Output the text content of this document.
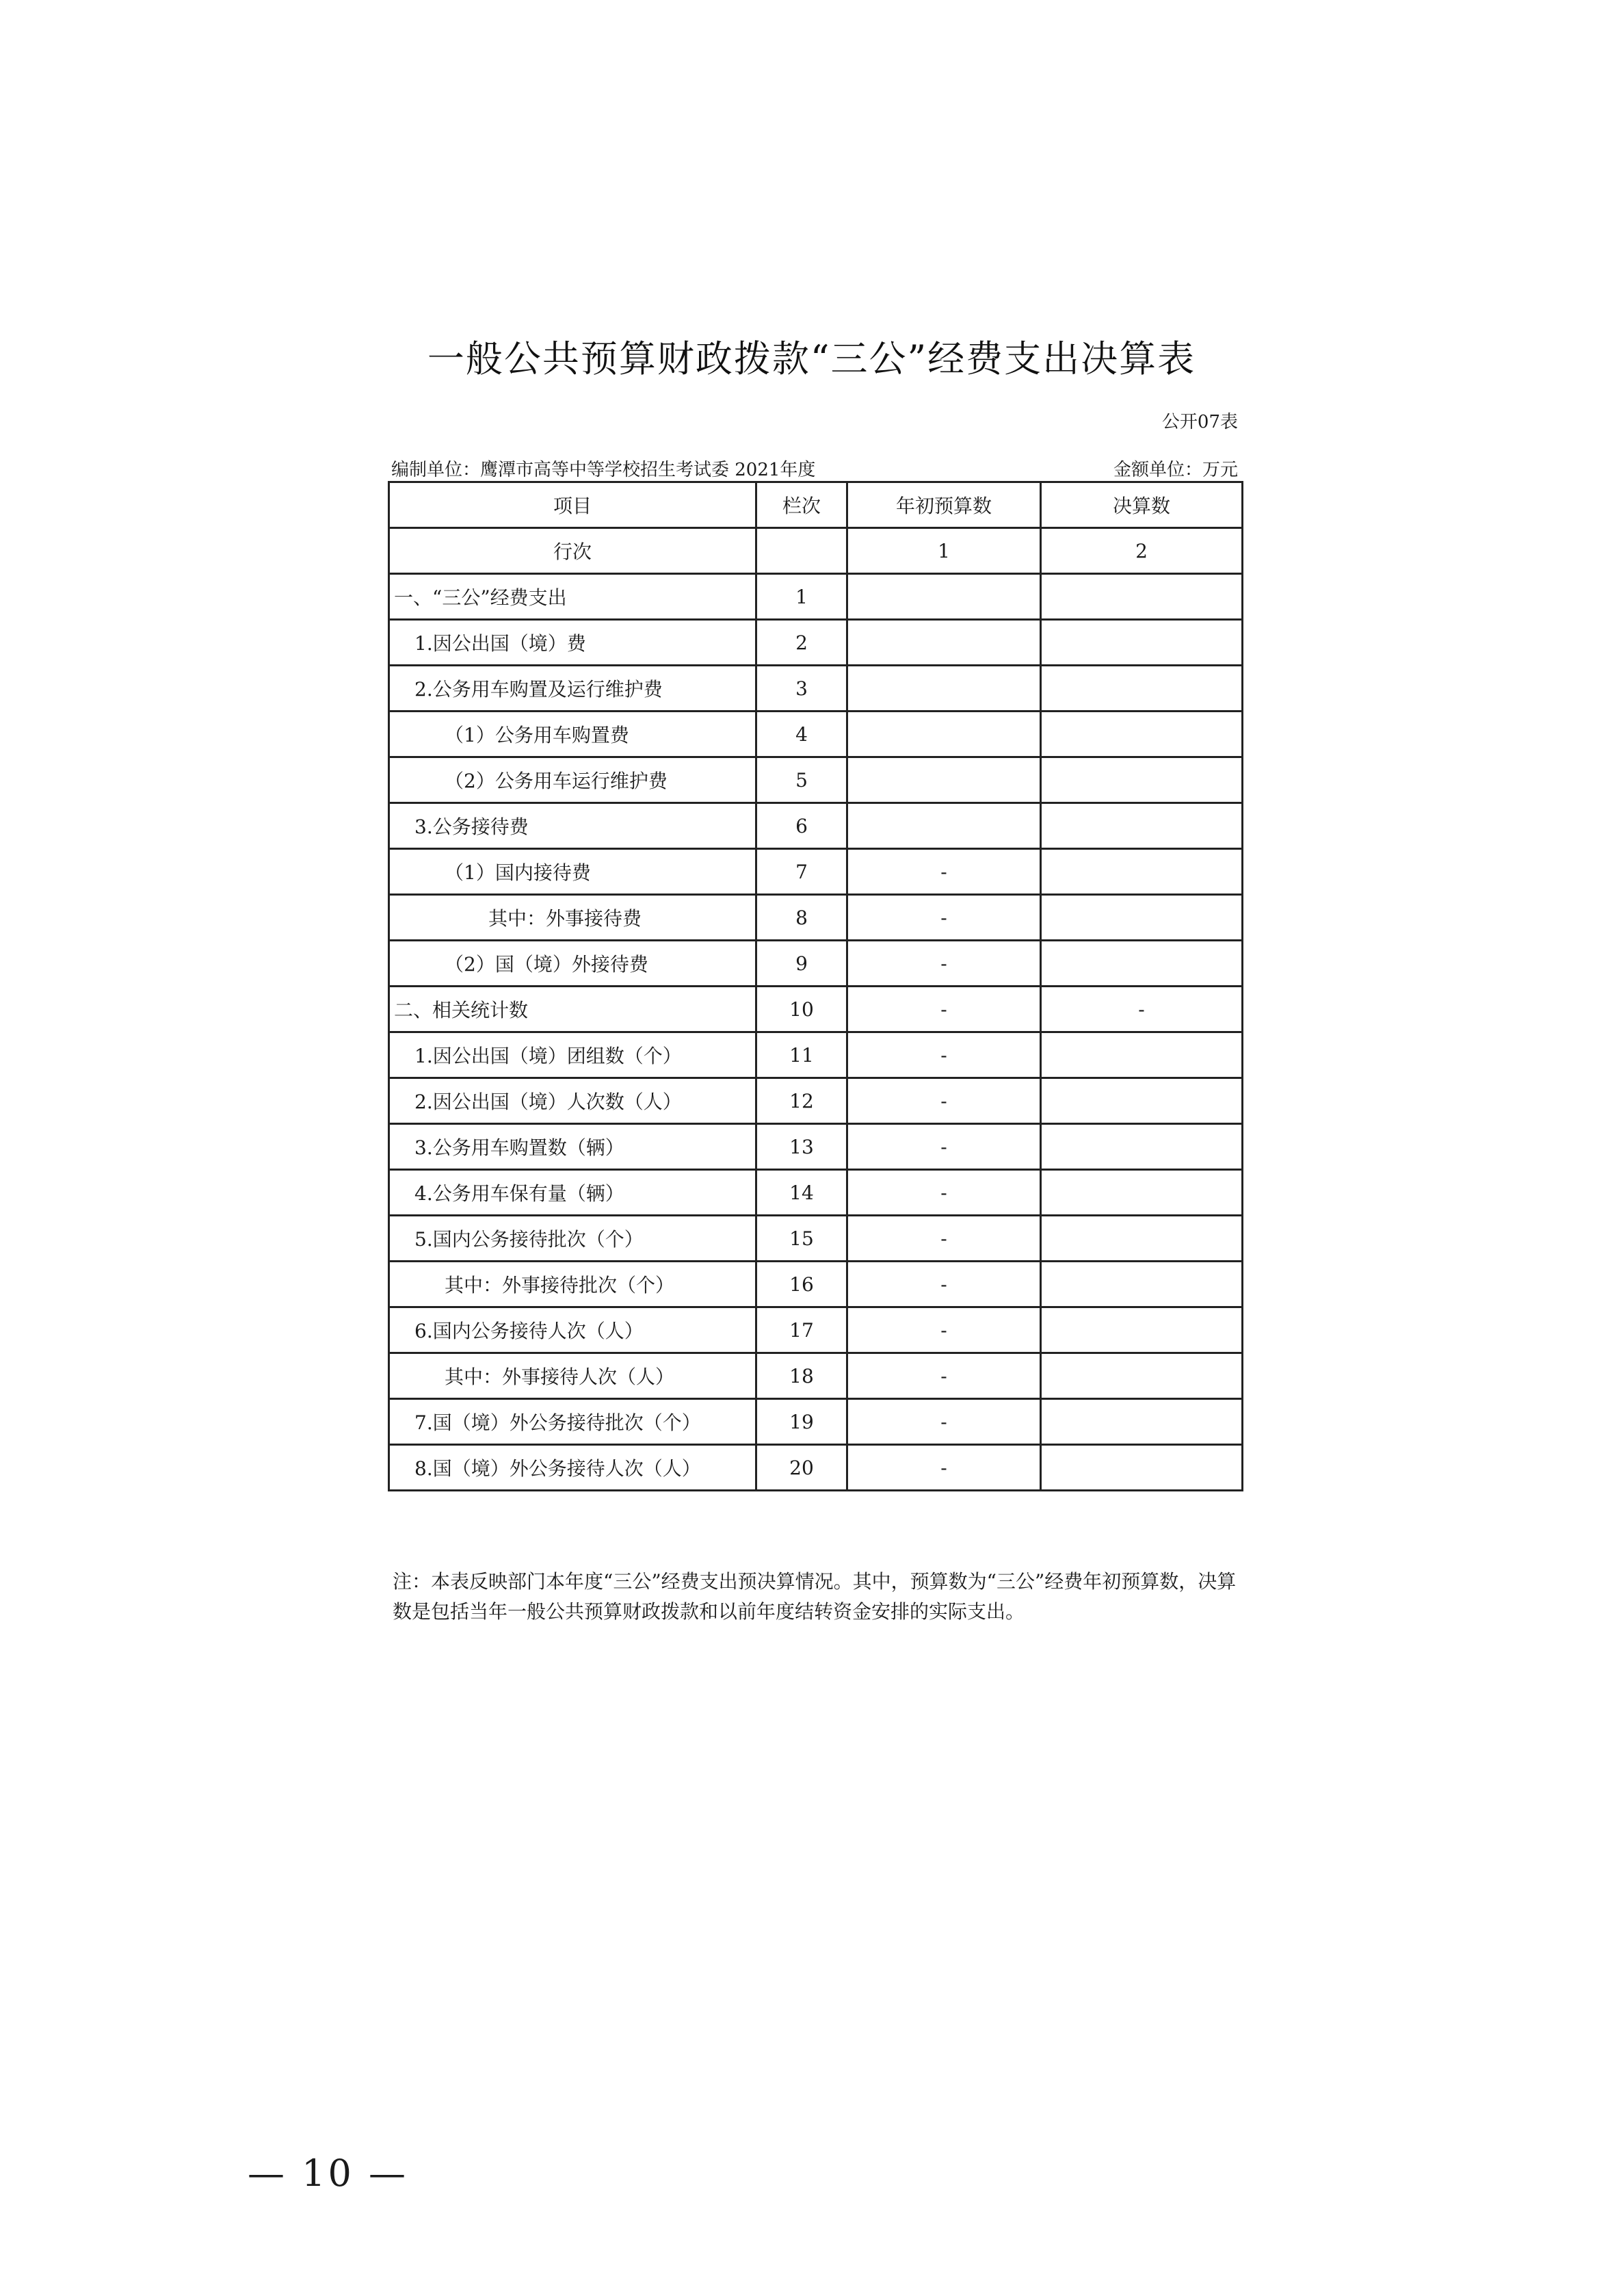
一般公共预算财政拨款“三公”经费支出决算表
公开07表
编制单位：鹰潭市高等中等学校招生考试委 2021年度	金额单位：万元
项目	栏次	年初预算数	决算数
行次		1	2
一、“三公”经费支出	1		
1.因公出国（境）费	2		
2.公务用车购置及运行维护费	3		
（1）公务用车购置费	4		
（2）公务用车运行维护费	5		
3.公务接待费	6		
（1）国内接待费	7	-	
其中：外事接待费	8	-	
（2）国（境）外接待费	9	-	
二、相关统计数	10	-	-
1.因公出国（境）团组数（个）	11	-	
2.因公出国（境）人次数（人）	12	-	
3.公务用车购置数（辆）	13	-	
4.公务用车保有量（辆）	14	-	
5.国内公务接待批次（个）	15	-	
其中：外事接待批次（个）	16	-	
6.国内公务接待人次（人）	17	-	
其中：外事接待人次（人）	18	-	
7.国（境）外公务接待批次（个）	19	-	
8.国（境）外公务接待人次（人）	20	-	
注：本表反映部门本年度“三公”经费支出预决算情况。其中，预算数为“三公”经费年初预算数，决算数是包括当年一般公共预算财政拨款和以前年度结转资金安排的实际支出。
— 10 —
